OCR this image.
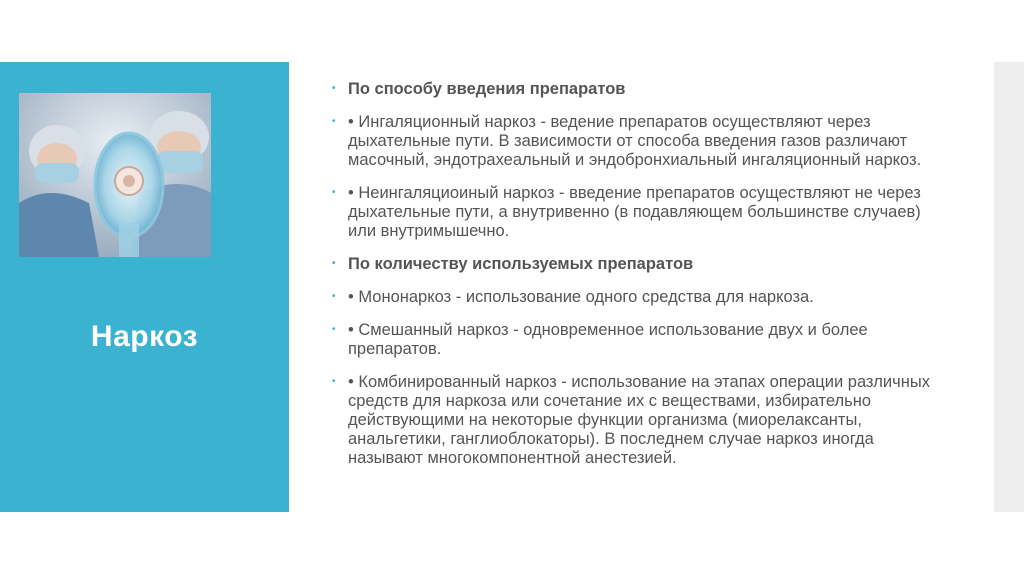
Наркоз
• По способу введения препаратов
• • Ингаляционный наркоз - ведение препаратов осуществляют через дыхательные пути. В зависимости от способа введения газов различают масочный, эндотрахеальный и эндобронхиальный ингаляционный наркоз.
• • Неингаляциоиный наркоз - введение препаратов осуществляют не через дыхательные пути, а внутривенно (в подавляющем большинстве случаев) или внутримышечно.
• По количеству используемых препаратов
• • Мононаркоз - использование одного средства для наркоза.
• • Смешанный наркоз - одновременное использование двух и более препаратов.
• • Комбинированный наркоз - использование на этапах операции различных средств для наркоза или сочетание их с веществами, избирательно действующими на некоторые функции организма (миорелаксанты, анальгетики, ганглиоблокаторы). В последнем случае наркоз иногда называют многокомпонентной анестезией.
